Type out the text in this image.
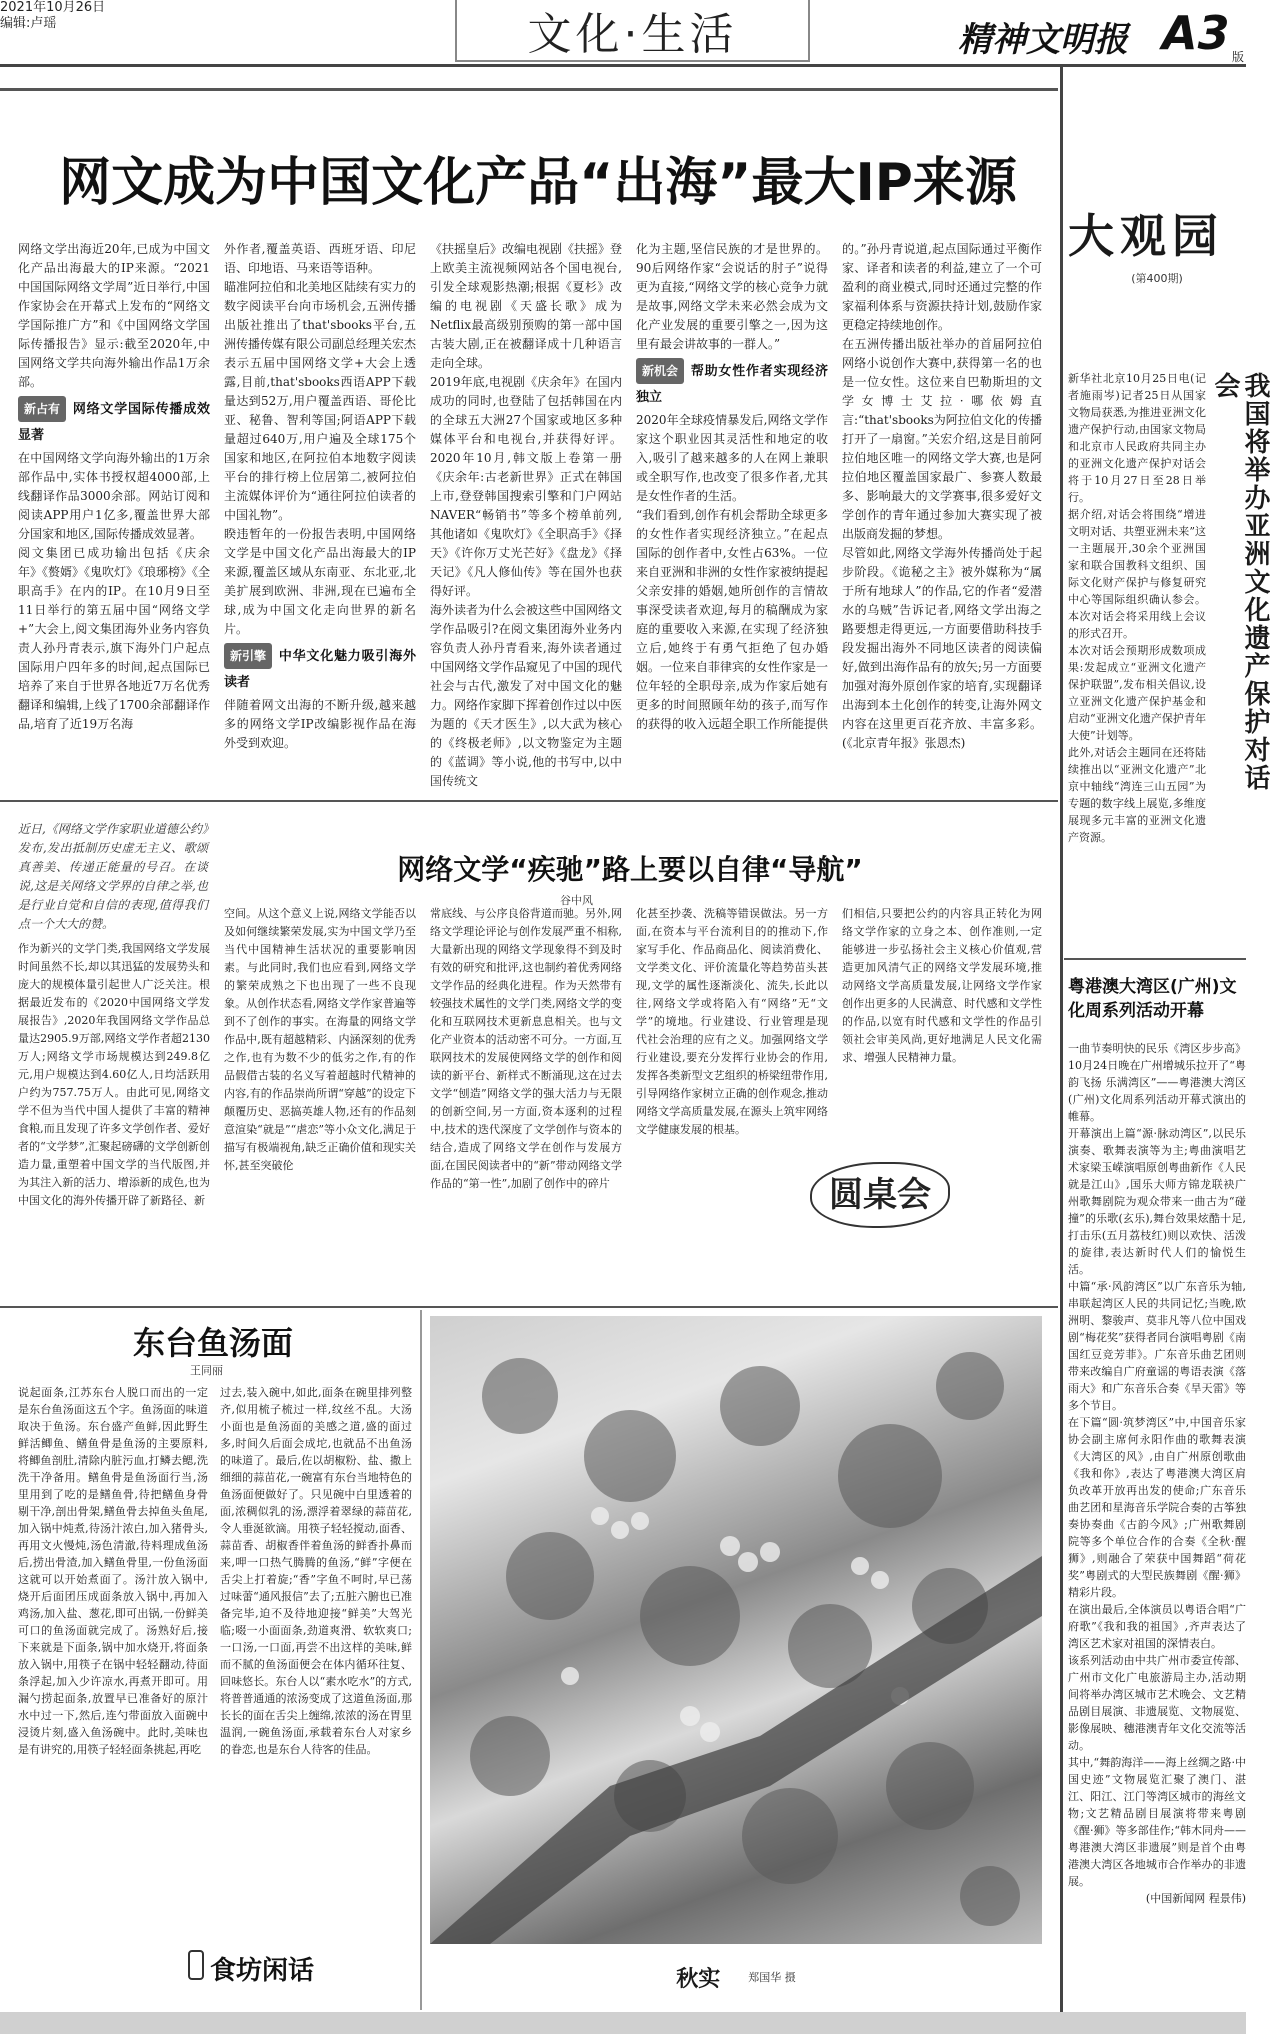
2021年10月26日
编辑:卢瑶	文化·生活	精神文明报 A3 版
网文成为中国文化产品“出海”最大IP来源

网络文学出海近20年,已成为中国文化产品出海最大的IP来源。“2021中国国际网络文学周”近日举行,中国作家协会在开幕式上发布的“网络文学国际推广方”和《中国网络文学国际传播报告》显示:截至2020年,中国网络文学共向海外输出作品1万余部。

新占有 网络文学国际传播成效显著

在中国网络文学向海外输出的1万余部作品中,实体书授权超4000部,上线翻译作品3000余部。网站订阅和阅读APP用户1亿多,覆盖世界大部分国家和地区,国际传播成效显著。

阅文集团已成功输出包括《庆余年》《赘婿》《鬼吹灯》《琅琊榜》《全职高手》在内的IP。在10月9日至11日举行的第五届中国“网络文学+”大会上,阅文集团海外业务内容负责人孙丹青表示,旗下海外门户起点国际用户四年多的时间,起点国际已培养了来自于世界各地近7万名优秀翻译和编辑,上线了1700余部翻译作品,培育了近19万名海

外作者,覆盖英语、西班牙语、印尼语、印地语、马来语等语种。

瞄准阿拉伯和北美地区陆续有实力的数字阅读平台向市场机会,五洲传播出版社推出了that'sbooks平台,五洲传播传媒有限公司副总经理关宏杰表示五届中国网络文学+大会上透露,目前,that'sbooks西语APP下载量达到52万,用户覆盖西语、哥伦比亚、秘鲁、智利等国;阿语APP下载量超过640万,用户遍及全球175个国家和地区,在阿拉伯本地数字阅读平台的排行榜上位居第二,被阿拉伯主流媒体评价为“通往阿拉伯读者的中国礼物”。

睽违暂年的一份报告表明,中国网络文学是中国文化产品出海最大的IP来源,覆盖区域从东南亚、东北亚,北美扩展到欧洲、非洲,现在已遍布全球,成为中国文化走向世界的新名片。

新引擎 中华文化魅力吸引海外读者

伴随着网文出海的不断升级,越来越多的网络文学IP改编影视作品在海外受到欢迎。

《扶摇皇后》改编电视剧《扶摇》登上欧美主流视频网站各个国电视台,引发全球观影热潮;根据《夏杉》改编的电视剧《天盛长歌》成为Netflix最高级别预购的第一部中国古装大剧,正在被翻译成十几种语言走向全球。

2019年底,电视剧《庆余年》在国内成功的同时,也登陆了包括韩国在内的全球五大洲27个国家或地区多种媒体平台和电视台,并获得好评。2020年10月,韩文版上卷第一册《庆余年:古老新世界》正式在韩国上市,登登韩国搜索引擎和门户网站NAVER“畅销书”等多个榜单前列,其他诸如《鬼吹灯》《全职高手》《择天》《许你万丈光芒好》《盘龙》《择天记》《凡人修仙传》等在国外也获得好评。

海外读者为什么会被这些中国网络文学作品吸引?在阅文集团海外业务内容负责人孙丹青看来,海外读者通过中国网络文学作品窥见了中国的现代社会与古代,激发了对中国文化的魅力。网络作家脚下挥着创作过以中医为题的《天才医生》,以大武为核心的《终极老师》,以文物鉴定为主题的《蓝调》等小说,他的书写中,以中国传统文

化为主题,坚信民族的才是世界的。90后网络作家“会说话的肘子”说得更为直接,“网络文学的核心竞争力就是故事,网络文学未来必然会成为文化产业发展的重要引擎之一,因为这里有最会讲故事的一群人。”

新机会 帮助女性作者实现经济独立

2020年全球疫情暴发后,网络文学作家这个职业因其灵活性和地定的收入,吸引了越来越多的人在网上兼职或全职写作,也改变了很多作者,尤其是女性作者的生活。

“我们看到,创作有机会帮助全球更多的女性作者实现经济独立。”在起点国际的创作者中,女性占63%。一位来自亚洲和非洲的女性作家被纳提起父亲安排的婚姻,她所创作的言情故事深受读者欢迎,每月的稿酬成为家庭的重要收入来源,在实现了经济独立后,她终于有勇气拒绝了包办婚姻。一位来自菲律宾的女性作家是一位年轻的全职母亲,成为作家后她有更多的时间照顾年幼的孩子,而写作的获得的收入远超全职工作所能提供

的。”孙丹青说道,起点国际通过平衡作家、译者和读者的利益,建立了一个可盈利的商业模式,同时还通过完整的作家福利体系与资源扶持计划,鼓励作家更稳定持续地创作。

在五洲传播出版社举办的首届阿拉伯网络小说创作大赛中,获得第一名的也是一位女性。这位来自巴勒斯坦的文学女博士艾拉·哪依姆直言:“that'sbooks为阿拉伯文化的传播打开了一扇窗。”关宏介绍,这是目前阿拉伯地区唯一的网络文学大赛,也是阿拉伯地区覆盖国家最广、参赛人数最多、影响最大的文学赛事,很多爱好文学创作的青年通过参加大赛实现了被出版商发掘的梦想。

尽管如此,网络文学海外传播尚处于起步阶段。《诡秘之主》被外媒称为“属于所有地球人”的作品,它的作者“爱潜水的乌贼”告诉记者,网络文学出海之路要想走得更远,一方面要借助科技手段发掘出海外不同地区读者的阅读偏好,做到出海作品有的放矢;另一方面要加强对海外原创作家的培育,实现翻译出海到本土化创作的转变,让海外网文内容在这里更百花齐放、丰富多彩。(《北京青年报》张恩杰)

大观园
(第400期)
我国将举办亚洲文化遗产保护对话会

新华社北京10月25日电(记者施雨岑)记者25日从国家文物局获悉,为推进亚洲文化遗产保护行动,由国家文物局和北京市人民政府共同主办的亚洲文化遗产保护对话会将于10月27日至28日举行。

据介绍,对话会将围绕“增进文明对话、共塑亚洲未来”这一主题展开,30余个亚洲国家和联合国教科文组织、国际文化财产保护与修复研究中心等国际组织确认参会。本次对话会将采用线上会议的形式召开。

本次对话会预期形成数项成果:发起成立“亚洲文化遗产保护联盟”,发布相关倡议,设立亚洲文化遗产保护基金和启动“亚洲文化遗产保护青年大使”计划等。

此外,对话会主题同在还将陆续推出以“亚洲文化遗产”北京中轴线“湾连三山五园”为专题的数字线上展览,多维度展现多元丰富的亚洲文化遗产资源。

粤港澳大湾区(广州)文化周系列活动开幕

一曲节奏明快的民乐《湾区步步高》10月24日晚在广州增城乐拉开了“粤韵飞扬 乐满湾区”——粤港澳大湾区(广州)文化周系列活动开幕式演出的帷幕。

开幕演出上篇“源·脉动湾区”,以民乐演奏、歌舞表演等为主;粤曲演唱艺术家梁玉嵘演唱原创粤曲新作《人民就是江山》,国乐大师方锦龙联袂广州歌舞剧院为观众带来一曲古为“碰撞”的乐歌(玄乐),舞台效果炫酷十足,打击乐(五月荔枝红)则以欢快、活泼的旋律,表达新时代人们的愉悦生活。

中篇“承·风韵湾区”以广东音乐为轴,串联起湾区人民的共同记忆;当晚,欧洲明、黎骏声、莫非凡等八位中国戏剧“梅花奖”获得者同台演唱粤剧《南国红豆竞芳菲》。广东音乐曲艺团则带来改编自广府童谣的粤语表演《落雨大》和广东音乐合奏《旱天雷》等多个节目。

在下篇“圆·筑梦湾区”中,中国音乐家协会副主席何永阳作曲的歌舞表演《大湾区的风》,由自广州原创歌曲《我和你》,表达了粤港澳大湾区肩负改革开放再出发的使命;广东音乐曲艺团和星海音乐学院合奏的古筝独奏协奏曲《古韵今风》;广州歌舞剧院等多个单位合作的合奏《全秋·醒狮》,则融合了荣获中国舞蹈“荷花奖”粤剧式的大型民族舞剧《醒·狮》精彩片段。

在演出最后,全体演员以粤语合唱“广府歌”《我和我的祖国》,齐声表达了湾区艺术家对祖国的深情表白。

该系列活动由中共广州市委宣传部、广州市文化广电旅游局主办,活动期间将举办湾区城市艺术晚会、文艺精品剧目展演、非遗展览、文物展览、影像展映、穗港澳青年文化交流等活动。

其中,“舞韵海洋——海上丝绸之路·中国史迹”文物展览汇聚了澳门、湛江、阳江、江门等湾区城市的海丝文物;文艺精品剧目展演将带来粤剧《醒·狮》等多部佳作;“韩木同舟——粤港澳大湾区非遗展”则是首个由粤港澳大湾区各地城市合作举办的非遗展。

(中国新闻网 程景伟)

近日,《网络文学作家职业道德公约》发布,发出抵制历史虚无主义、歌颂真善美、传递正能量的号召。在谈说,这是关网络文学界的自律之举,也是行业自觉和自信的表现,值得我们点一个大大的赞。
网络文学“疾驰”路上要以自律“导航”
谷中风
作为新兴的文学门类,我国网络文学发展时间虽然不长,却以其迅猛的发展势头和庞大的规模体量引起世人广泛关注。根据最近发布的《2020中国网络文学发展报告》,2020年我国网络文学作品总量达2905.9万部,网络文学作者超2130万人;网络文学市场规模达到249.8亿元,用户规模达到4.60亿人,日均活跃用户约为757.75万人。由此可见,网络文学不但为当代中国人提供了丰富的精神食粮,而且发现了许多文学创作者、爱好者的“文学梦”,汇聚起磅礴的文学创新创造力量,重塑着中国文学的当代版图,并为其注入新的活力、增添新的成色,也为中国文化的海外传播开辟了新路径、新
空间。从这个意义上说,网络文学能否以及如何继续繁荣发展,实为中国文学乃至当代中国精神生活状况的重要影响因素。与此同时,我们也应看到,网络文学的繁荣成熟之下也出现了一些不良现象。从创作状态看,网络文学作家普遍等到不了创作的事实。在海量的网络文学作品中,既有超越精彩、内涵深刻的优秀之作,也有为数不少的低劣之作,有的作品假借古装的名义写着超越时代精神的内容,有的作品崇尚所谓“穿越”的设定下颠覆历史、恶搞英雄人物,还有的作品刻意渲染“就是”“虐恋”等小众文化,满足于描写有极端视角,缺乏正确价值和现实关怀,甚至突破伦
常底线、与公序良俗背道而驰。另外,网络文学理论评论与创作发展严重不相称,大量新出现的网络文学现象得不到及时有效的研究和批评,这也制约着优秀网络文学作品的经典化进程。作为天然带有较强技术属性的文学门类,网络文学的变化和互联网技术更新息息相关。也与文化产业资本的活动密不可分。一方面,互联网技术的发展使网络文学的创作和阅读的新平台、新样式不断涌现,这在过去文学“刨造”网络文学的强大活力与无限的创新空间,另一方面,资本逐利的过程中,技术的迭代深度了文学创作与资本的结合,造成了网络文学在创作与发展方面,在国民阅读者中的“新”带动网络文学作品的“第一性”,加剧了创作中的碎片
化甚至抄袭、洗稿等错误做法。另一方面,在资本与平台流利目的的推动下,作家写手化、作品商品化、阅读消费化、文学类文化、评价流量化等趋势苗头甚现,文学的属性逐渐淡化、流失,长此以往,网络文学或将陷入有“网络”无“文学”的境地。行业建设、行业管理是现代社会治理的应有之义。加强网络文学行业建设,要充分发挥行业协会的作用,发挥各类新型文艺组织的桥梁纽带作用,引导网络作家树立正确的创作观念,推动网络文学高质量发展,在源头上筑牢网络文学健康发展的根基。
们相信,只要把公约的内容具正转化为网络文学作家的立身之本、创作准则,一定能够进一步弘扬社会主义核心价值观,营造更加风清气正的网络文学发展环境,推动网络文学高质量发展,让网络文学作家创作出更多的人民满意、时代感和文学性的作品,以宽有时代感和文学性的作品引领社会审美风尚,更好地满足人民文化需求、增强人民精神力量。
圆桌会
东台鱼汤面
王同丽
说起面条,江苏东台人脱口而出的一定是东台鱼汤面这五个字。鱼汤面的味道取决于鱼汤。东台盛产鱼鲜,因此野生鲜活鲫鱼、鳝鱼骨是鱼汤的主要原料,将鲫鱼剖肚,清除内脏污血,打鳞去鳃,洗洗干净备用。鳝鱼骨是鱼汤面行当,汤里用到了吃的是鳝鱼骨,待把鳝鱼身骨剔干净,剖出骨架,鳝鱼骨去掉鱼头鱼尾,加入锅中炖煮,待汤汁浓白,加入猪骨头,再用文火慢炖,汤色清澈,待料理成鱼汤后,捞出骨渣,加入鳝鱼骨里,一份鱼汤面这就可以开始煮面了。汤汁放入锅中,烧开后面团压成面条放入锅中,再加入鸡汤,加入盐、葱花,即可出锅,一份鲜美可口的鱼汤面就完成了。汤熟好后,接下来就是下面条,锅中加水烧开,将面条放入锅中,用筷子在锅中轻轻翻动,待面条浮起,加入少许凉水,再煮开即可。用漏勺捞起面条,放置早已准备好的原汁水中过一下,然后,连勺带面放入面碗中浸烫片刻,盛入鱼汤碗中。此时,美味也是有讲究的,用筷子轻轻面条挑起,再吃
过去,装入碗中,如此,面条在碗里排列整齐,似用梳子梳过一样,纹丝不乱。大汤小面也是鱼汤面的美感之道,盛的面过多,时间久后面会成坨,也就品不出鱼汤的味道了。最后,佐以胡椒粉、盐、撒上细细的蒜苗花,一碗富有东台当地特色的鱼汤面便做好了。只见碗中白里透着的面,浓稠似乳的汤,漂浮着翠绿的蒜苗花,令人垂涎欲滴。用筷子轻轻搅动,面香、蒜苗香、胡椒香伴着鱼汤的鲜香扑鼻而来,呷一口热气腾腾的鱼汤,“鲜”字便在舌尖上打着旋;“香”字鱼不呵时,早已荡过味蕾“通风报信”去了;五脏六腑也已准备完毕,迫不及待地迎接“鲜美”大驾光临;啜一小面面条,劲道爽滑、软软爽口;一口汤,一口面,再尝不出这样的美味,鲜而不腻的鱼汤面便会在体内循环往复、回味悠长。东台人以“素水吃水”的方式,将普普通通的浓汤变成了这道鱼汤面,那长长的面在舌尖上缠绵,浓浓的汤在胃里温润,一碗鱼汤面,承载着东台人对家乡的眷恋,也是东台人待客的佳品。
食坊闲话	秋实	郑国华 摄
